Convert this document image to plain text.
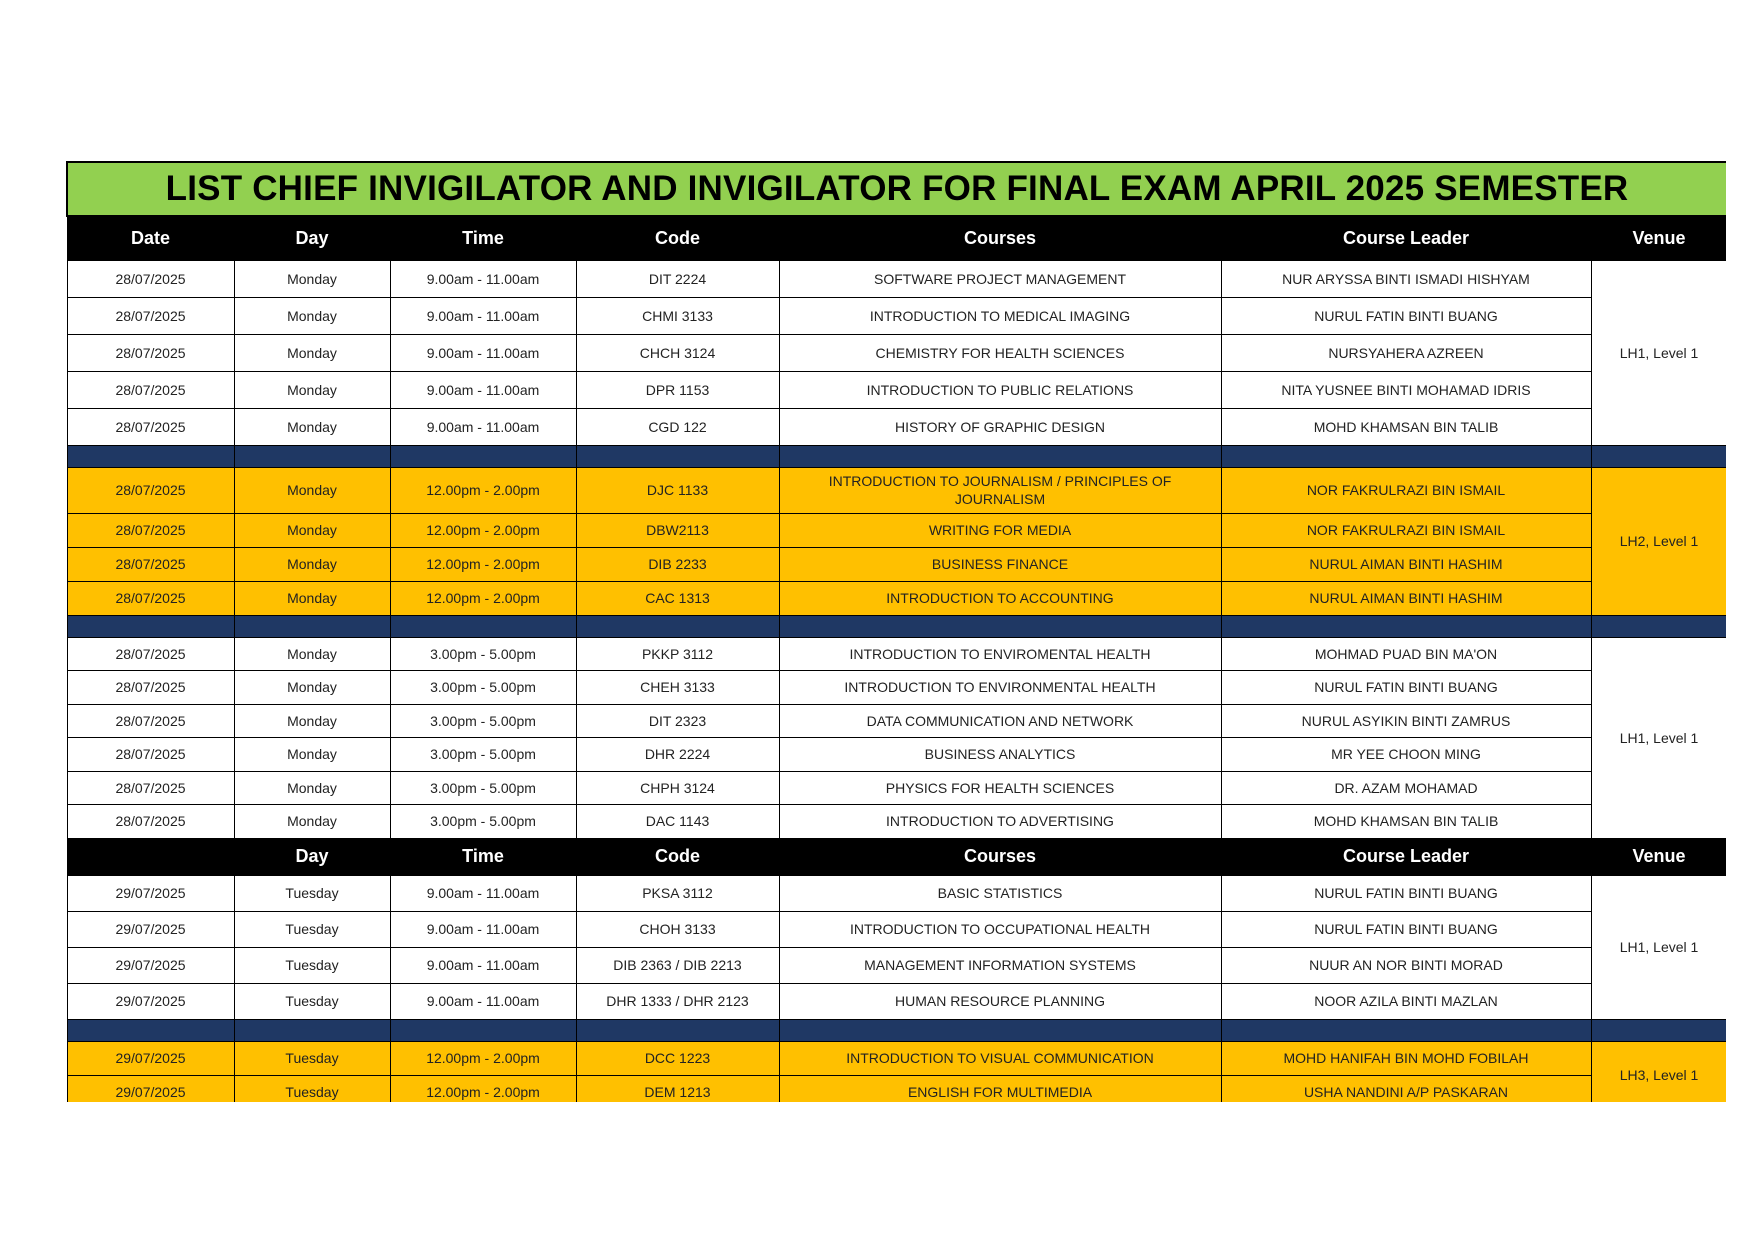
LIST CHIEF INVIGILATOR AND INVIGILATOR FOR FINAL EXAM APRIL 2025 SEMESTER						
Date	Day	Time	Code	Courses	Course Leader	Venue
28/07/2025	Monday	9.00am - 11.00am	DIT 2224	SOFTWARE PROJECT MANAGEMENT	NUR ARYSSA BINTI ISMADI HISHYAM	LH1, Level 1
28/07/2025	Monday	9.00am - 11.00am	CHMI 3133	INTRODUCTION TO MEDICAL IMAGING	NURUL FATIN BINTI BUANG	
28/07/2025	Monday	9.00am - 11.00am	CHCH 3124	CHEMISTRY FOR HEALTH SCIENCES	NURSYAHERA AZREEN	
28/07/2025	Monday	9.00am - 11.00am	DPR 1153	INTRODUCTION TO PUBLIC RELATIONS	NITA YUSNEE BINTI MOHAMAD IDRIS	
28/07/2025	Monday	9.00am - 11.00am	CGD 122	HISTORY OF GRAPHIC DESIGN	MOHD KHAMSAN BIN TALIB	

28/07/2025	Monday	12.00pm - 2.00pm	DJC 1133	INTRODUCTION TO JOURNALISM / PRINCIPLES OF JOURNALISM	NOR FAKRULRAZI BIN ISMAIL	LH2, Level 1
28/07/2025	Monday	12.00pm - 2.00pm	DBW2113	WRITING FOR MEDIA	NOR FAKRULRAZI BIN ISMAIL	
28/07/2025	Monday	12.00pm - 2.00pm	DIB 2233	BUSINESS FINANCE	NURUL AIMAN BINTI HASHIM	
28/07/2025	Monday	12.00pm - 2.00pm	CAC 1313	INTRODUCTION TO ACCOUNTING	NURUL AIMAN BINTI HASHIM	

28/07/2025	Monday	3.00pm - 5.00pm	PKKP 3112	INTRODUCTION TO ENVIROMENTAL HEALTH	MOHMAD PUAD BIN MA'ON	LH1, Level 1
28/07/2025	Monday	3.00pm - 5.00pm	CHEH 3133	INTRODUCTION TO ENVIRONMENTAL HEALTH	NURUL FATIN BINTI BUANG	
28/07/2025	Monday	3.00pm - 5.00pm	DIT 2323	DATA COMMUNICATION AND NETWORK	NURUL ASYIKIN BINTI ZAMRUS	
28/07/2025	Monday	3.00pm - 5.00pm	DHR 2224	BUSINESS ANALYTICS	MR YEE CHOON MING	
28/07/2025	Monday	3.00pm - 5.00pm	CHPH 3124	PHYSICS FOR HEALTH SCIENCES	DR. AZAM MOHAMAD	
28/07/2025	Monday	3.00pm - 5.00pm	DAC 1143	INTRODUCTION TO ADVERTISING	MOHD KHAMSAN BIN TALIB	
	Day	Time	Code	Courses	Course Leader	Venue
29/07/2025	Tuesday	9.00am - 11.00am	PKSA 3112	BASIC STATISTICS	NURUL FATIN BINTI BUANG	LH1, Level 1
29/07/2025	Tuesday	9.00am - 11.00am	CHOH 3133	INTRODUCTION TO OCCUPATIONAL HEALTH	NURUL FATIN BINTI BUANG	
29/07/2025	Tuesday	9.00am - 11.00am	DIB 2363 / DIB 2213	MANAGEMENT INFORMATION SYSTEMS	NUUR AN NOR BINTI MORAD	
29/07/2025	Tuesday	9.00am - 11.00am	DHR 1333 / DHR 2123	HUMAN RESOURCE PLANNING	NOOR AZILA BINTI MAZLAN	

29/07/2025	Tuesday	12.00pm - 2.00pm	DCC 1223	INTRODUCTION TO VISUAL COMMUNICATION	MOHD HANIFAH BIN MOHD FOBILAH	LH3, Level 1
29/07/2025	Tuesday	12.00pm - 2.00pm	DEM 1213	ENGLISH FOR MULTIMEDIA	USHA NANDINI A/P PASKARAN	
